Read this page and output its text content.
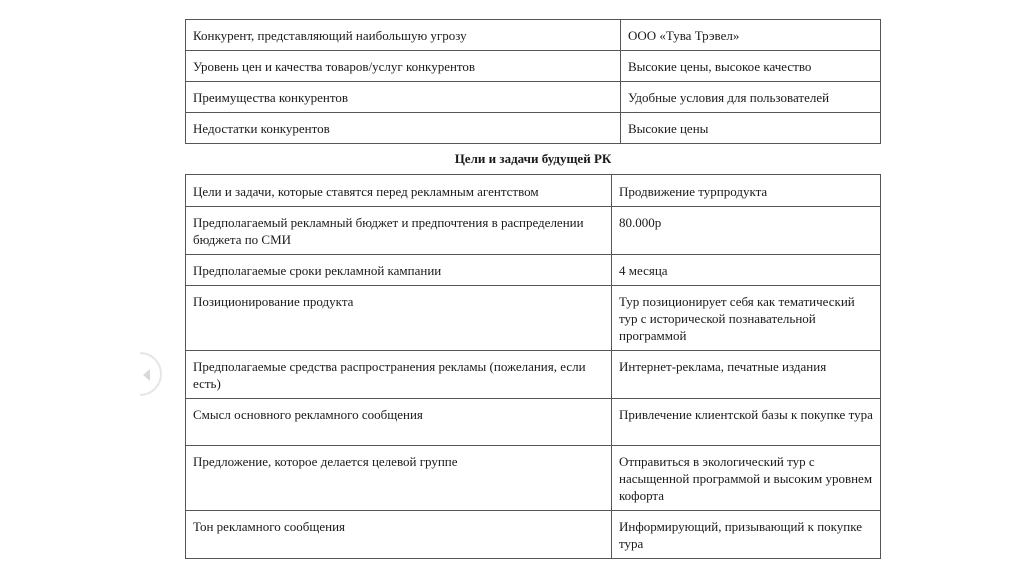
Конкурент, представляющий наибольшую угрозу	ООО «Тува Трэвел»
Уровень цен и качества товаров/услуг конкурентов	Высокие цены, высокое качество
Преимущества конкурентов	Удобные условия для пользователей
Недостатки конкурентов	Высокие цены
Цели и задачи будущей РК
Цели и задачи, которые ставятся перед рекламным агентством	Продвижение турпродукта
Предполагаемый рекламный бюджет и предпочтения в распределении бюджета по СМИ	80.000р
Предполагаемые сроки рекламной кампании	4 месяца
Позиционирование продукта	Тур позиционирует себя как тематический тур с исторической познавательной программой
Предполагаемые средства распространения рекламы (пожелания, если есть)	Интернет-реклама, печатные издания
Смысл основного рекламного сообщения	Привлечение клиентской базы к покупке тура
Предложение, которое делается целевой группе	Отправиться в экологический тур с насыщенной программой и высоким уровнем кофорта
Тон рекламного сообщения	Информирующий, призывающий к покупке тура
